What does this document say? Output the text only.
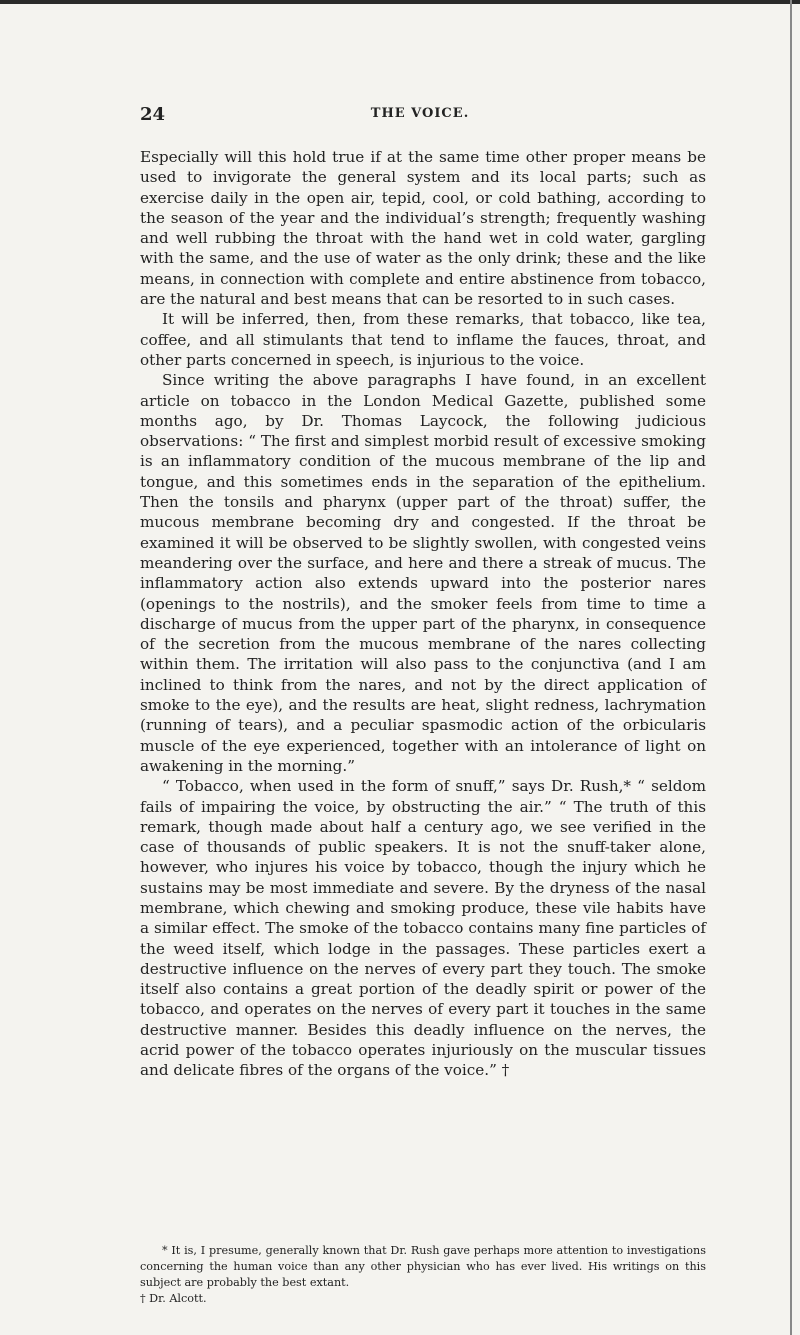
24	THE VOICE.

Especially will this hold true if at the same time other proper means be used to invigorate the general system and its local parts; such as exercise daily in the open air, tepid, cool, or cold bathing, according to the season of the year and the individual’s strength; frequently washing and well rubbing the throat with the hand wet in cold water, gargling with the same, and the use of water as the only drink; these and the like means, in connection with complete and entire abstinence from tobacco, are the natural and best means that can be resorted to in such cases.

It will be inferred, then, from these remarks, that tobacco, like tea, coffee, and all stimulants that tend to inflame the fauces, throat, and other parts concerned in speech, is injurious to the voice.

Since writing the above paragraphs I have found, in an excellent article on tobacco in the London Medical Gazette, published some months ago, by Dr. Thomas Laycock, the following judicious observations: “ The first and simplest morbid result of excessive smoking is an inflammatory condition of the mucous membrane of the lip and tongue, and this sometimes ends in the separation of the epithelium. Then the tonsils and pharynx (upper part of the throat) suffer, the mucous membrane becoming dry and congested. If the throat be examined it will be observed to be slightly swollen, with congested veins meandering over the surface, and here and there a streak of mucus. The inflammatory action also extends upward into the posterior nares (openings to the nostrils), and the smoker feels from time to time a discharge of mucus from the upper part of the pharynx, in consequence of the secretion from the mucous membrane of the nares collecting within them. The irritation will also pass to the conjunctiva (and I am inclined to think from the nares, and not by the direct application of smoke to the eye), and the results are heat, slight redness, lachrymation (running of tears), and a peculiar spasmodic action of the orbicularis muscle of the eye experienced, together with an intolerance of light on awakening in the morning.”

“ Tobacco, when used in the form of snuff,” says Dr. Rush,* “ seldom fails of impairing the voice, by obstructing the air.” “ The truth of this remark, though made about half a century ago, we see verified in the case of thousands of public speakers. It is not the snuff-taker alone, however, who injures his voice by tobacco, though the injury which he sustains may be most immediate and severe. By the dryness of the nasal membrane, which chewing and smoking produce, these vile habits have a similar effect. The smoke of the tobacco contains many fine particles of the weed itself, which lodge in the passages. These particles exert a destructive influence on the nerves of every part they touch. The smoke itself also contains a great portion of the deadly spirit or power of the tobacco, and operates on the nerves of every part it touches in the same destructive manner. Besides this deadly influence on the nerves, the acrid power of the tobacco operates injuriously on the muscular tissues and delicate fibres of the organs of the voice.” †

* It is, I presume, generally known that Dr. Rush gave perhaps more attention to investigations concerning the human voice than any other physician who has ever lived. His writings on this subject are probably the best extant.

† Dr. Alcott.
